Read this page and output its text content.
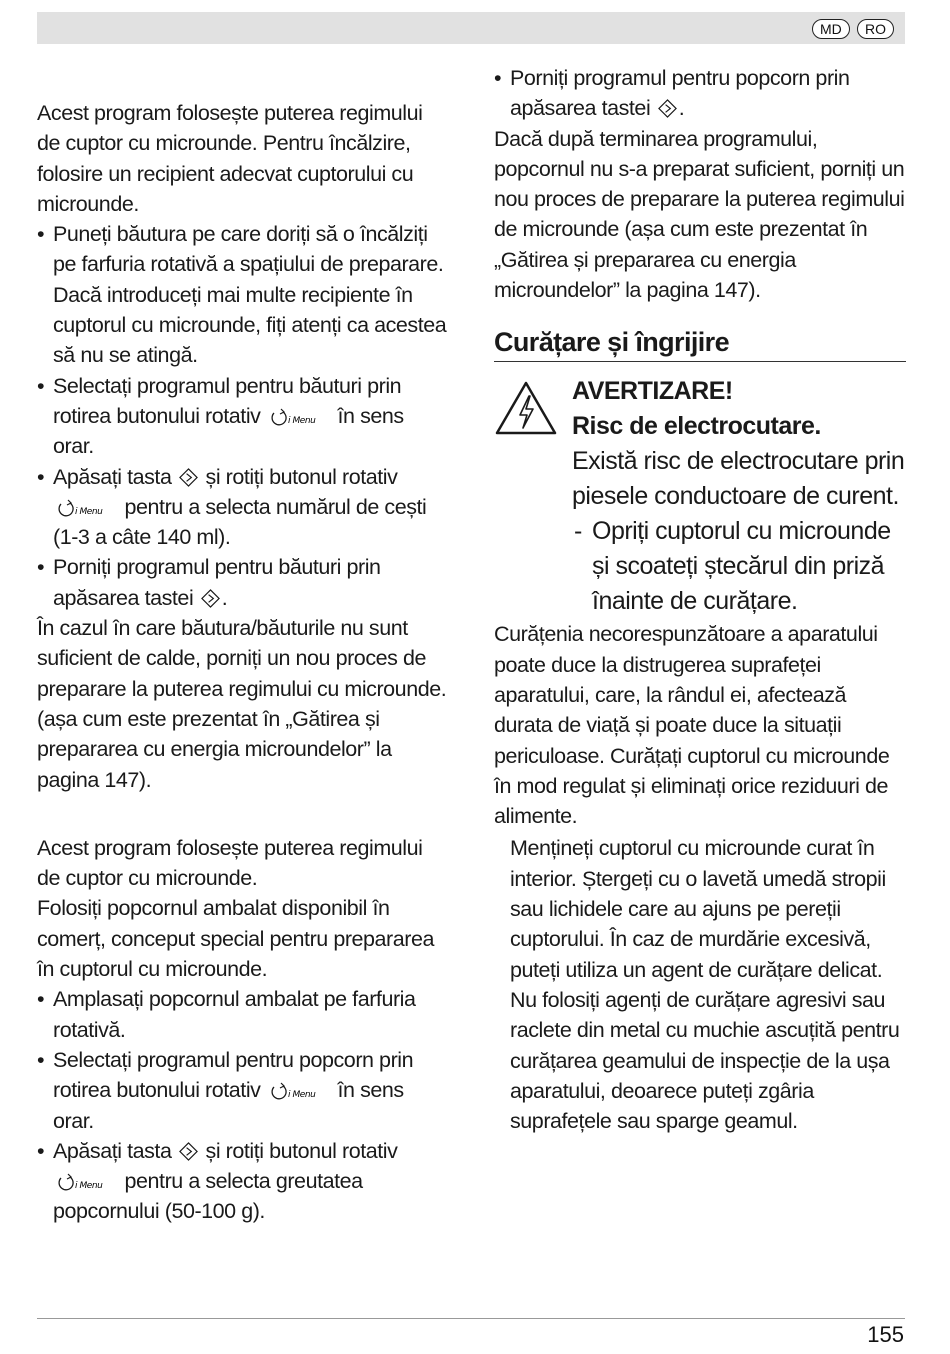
MD	RO

Acest program folosește puterea regimului de cuptor cu microunde. Pentru încălzire, folosire un recipient adecvat cuptorului cu microunde.

• Puneți băutura pe care doriți să o încălziți pe farfuria rotativă a spațiului de preparare. Dacă introduceți mai multe recipiente în cuptorul cu microunde, fiți atenți ca acestea să nu se atingă.
• Selectați programul pentru băuturi prin rotirea butonului rotativ	i Menu în sens orar.
• Apăsați tasta și rotiți butonul rotativ
i Menu pentru a selecta numărul de cești (1-3 a câte 140 ml).
• Porniți programul pentru băuturi prin apăsarea tastei .

În cazul în care băutura/băuturile nu sunt suficient de calde, porniți un nou proces de preparare la puterea regimului cu microunde. (așa cum este prezentat în „Gătirea și prepararea cu energia microundelor” la pagina 147).

Acest program folosește puterea regimului de cuptor cu microunde.

Folosiți popcornul ambalat disponibil în comerț, conceput special pentru prepararea în cuptorul cu microunde.

• Amplasați popcornul ambalat pe farfuria rotativă.
• Selectați programul pentru popcorn prin rotirea butonului rotativ	i Menu în sens orar.
• Apăsați tasta și rotiți butonul rotativ
i Menu pentru a selecta greutatea popcornului (50-100 g).
• Porniți programul pentru popcorn prin apăsarea tastei .

Dacă după terminarea programului, popcornul nu s-a preparat suficient, porniți un nou proces de preparare la puterea regimului de microunde (așa cum este prezentat în „Gătirea și prepararea cu energia microundelor” la pagina 147).

Curățare și îngrijire
AVERTIZARE!
Risc de electrocutare.
Există risc de electrocutare prin piesele conductoare de curent.
- Opriți cuptorul cu microunde și scoateți ștecărul din priză înainte de curățare.

Curățenia necorespunzătoare a aparatului poate duce la distrugerea suprafeței aparatului, care, la rândul ei, afectează durata de viață și poate duce la situații periculoase. Curățați cuptorul cu microunde în mod regulat și eliminați orice reziduuri de alimente.

Mențineți cuptorul cu microunde curat în interior. Ștergeți cu o lavetă umedă stropii sau lichidele care au ajuns pe pereții cuptorului. În caz de murdărie excesivă, puteți utiliza un agent de curățare delicat. Nu folosiți agenți de curățare agresivi sau raclete din metal cu muchie ascuțită pentru curățarea geamului de inspecție de la ușa aparatului, deoarece puteți zgâria suprafețele sau sparge geamul.

155
